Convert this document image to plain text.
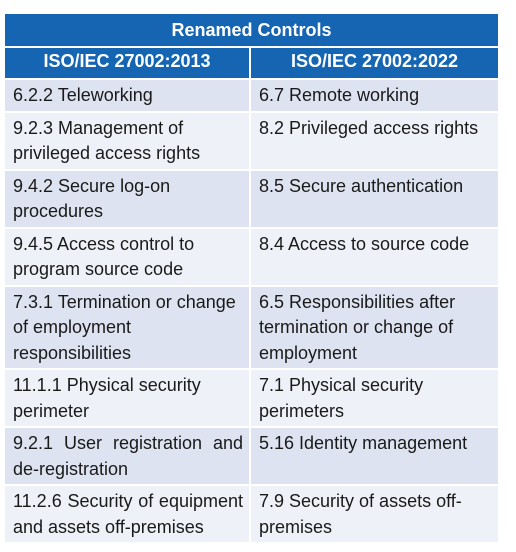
Renamed Controls	
ISO/IEC 27002:2013	ISO/IEC 27002:2022

6.2.2 Teleworking	6.7 Remote working

9.2.3 Management of privileged access rights	8.2 Privileged access rights

9.4.2 Secure log-on procedures	8.5 Secure authentication

9.4.5 Access control to program source code	8.4 Access to source code

7.3.1 Termination or change of employment responsibilities	6.5 Responsibilities after termination or change of employment

11.1.1 Physical security perimeter	7.1 Physical security perimeters

9.2.1 User registration and de-registration	5.16 Identity management

11.2.6 Security of equipment and assets off-premises	7.9 Security of assets off-premises
